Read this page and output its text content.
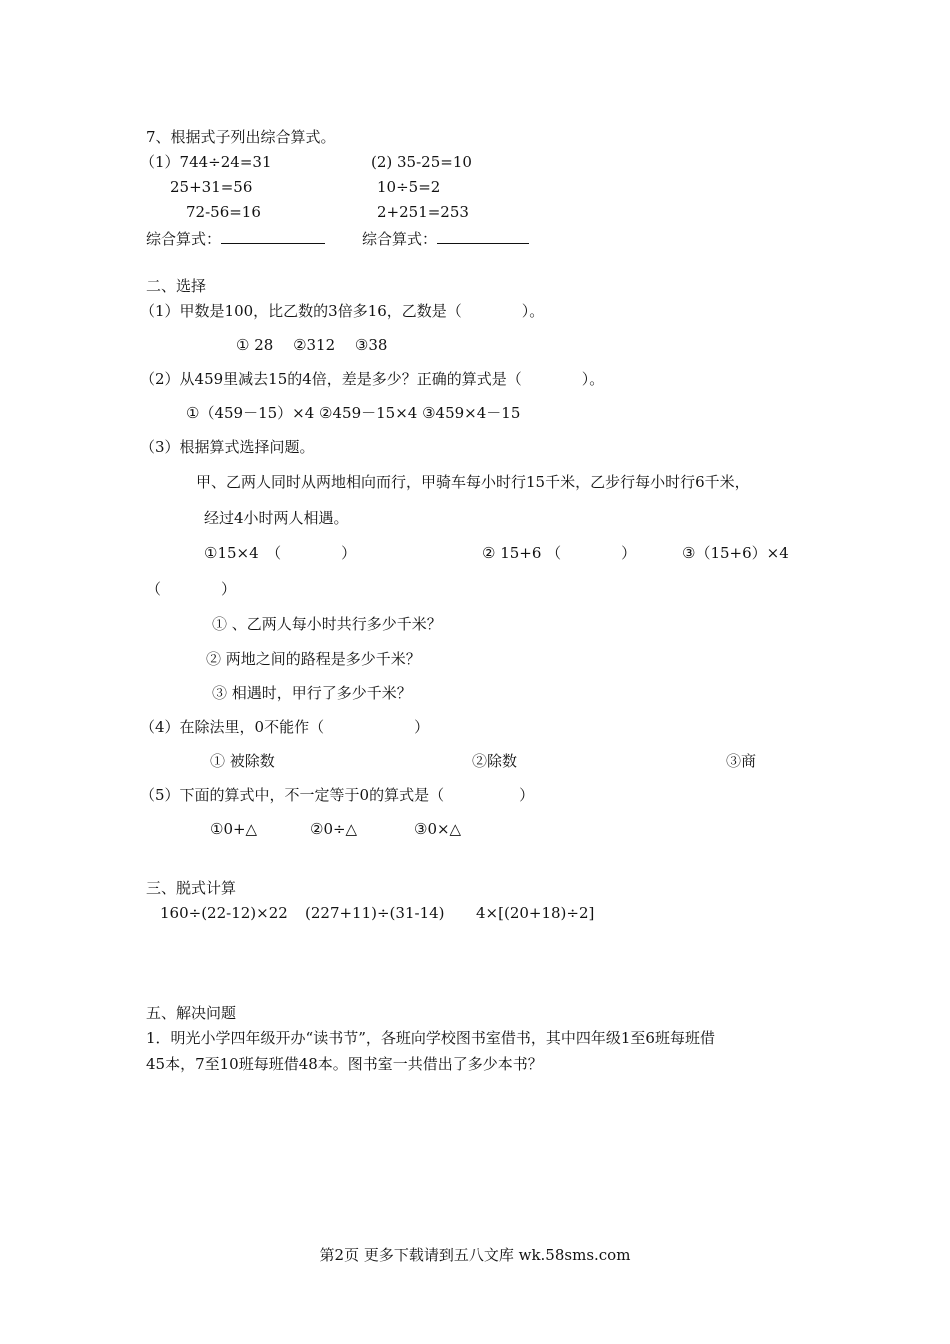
7、根据式子列出综合算式。
（1）744÷24=31
25+31=56
72-56=16
(2) 35-25=10
10÷5=2
2+251=253
综合算式：	综合算式：
二、选择
（1）甲数是100，比乙数的3倍多16，乙数是（　　　　）。
① 28　 ②312　 ③38
（2）从459里减去15的4倍，差是多少？正确的算式是（　　　　）。
①（459－15）×4 ②459－15×4 ③459×4－15
（3）根据算式选择问题。
甲、乙两人同时从两地相向而行，甲骑车每小时行15千米，乙步行每小时行6千米，
经过4小时两人相遇。
①15×4　（　　　　）	② 15+6 （　　　　）	③（15+6）×4
（　　　　）
① 、乙两人每小时共行多少千米？
② 两地之间的路程是多少千米？
③ 相遇时，甲行了多少千米？
（4）在除法里，0不能作（　　　　　　）
① 被除数	②除数	③商
（5）下面的算式中，不一定等于0的算式是（　　　　　）
①0+△	②0÷△	③0×△
三、脱式计算
160÷(22-12)×22 (227+11)÷(31-14) 4×[(20+18)÷2]
五、解决问题
1．明光小学四年级开办“读书节”，各班向学校图书室借书，其中四年级1至6班每班借
45本，7至10班每班借48本。图书室一共借出了多少本书？
第2页 更多下载请到五八文库 wk.58sms.com
